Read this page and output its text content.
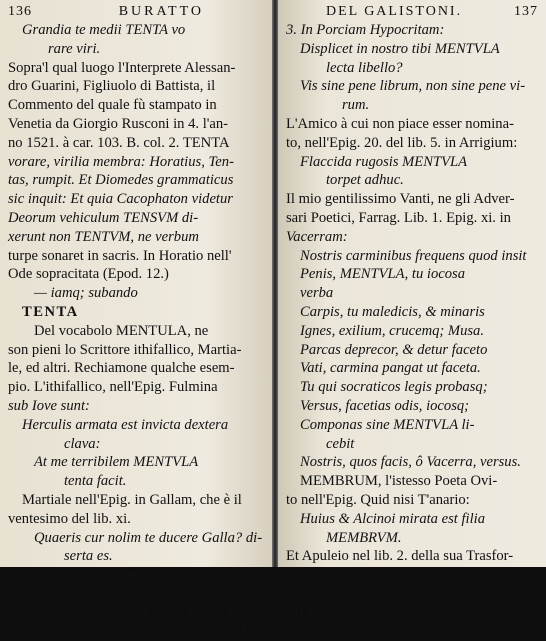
136	BURATTO
Grandia te medii TENTA vo
rare viri.
Sopra'l qual luogo l'Interprete Alessan-
dro Guarini, Figliuolo di Battista, il
Commento del quale fù stampato in
Venetia da Giorgio Rusconi in 4. l'an-
no 1521. à car. 103. B. col. 2. TENTA
vorare, virilia membra: Horatius, Ten-
tas, rumpit. Et Diomedes grammaticus
sic inquit: Et quia Cacophaton videtur
Deorum vehiculum TENSVM di-
xerunt non TENTVM, ne verbum
turpe sonaret in sacris. In Horatio nell'
Ode sopracitata (Epod. 12.)
— iamq; subando
TENTA
Del vocabolo MENTULA, ne
son pieni lo Scrittore ithifallico, Martia-
le, ed altri. Rechiamone qualche esem-
pio. L'ithifallico, nell'Epig. Fulmina
sub Iove sunt:
Herculis armata est invicta dextera
clava:
At me terribilem MENTVLA
tenta facit.
Martiale nell'Epig. in Gallam, che è il
ventesimo del lib. xi.
Quaeris cur nolim te ducere Galla? di-
serta es.
Saepe soloecismum MENTVLA no-
stra facit.
Giovanni Owen nell'Epig. 130. del lib.
3. In
DEL GALISTONI.	137
3. In Porciam Hypocritam:
Displicet in nostro tibi MENTVLA
lecta libello?
Vis sine pene librum, non sine pene vi-
rum.
L'Amico à cui non piace esser nomina-
to, nell'Epig. 20. del lib. 5. in Arrigium:
Flaccida rugosis MENTVLA
torpet adhuc.
Il mio gentilissimo Vanti, ne gli Adver-
sari Poetici, Farrag. Lib. 1. Epig. xi. in
Vacerram:
Nostris carminibus frequens quod insit
Penis, MENTVLA, tu iocosa
verba
Carpis, tu maledicis, & minaris
Ignes, exilium, crucemq; Musa.
Parcas deprecor, & detur faceto
Vati, carmina pangat ut faceta.
Tu qui socraticos legis probasq;
Versus, facetias odis, iocosq;
Componas sine MENTVLA li-
cebit
Nostris, quos facis, ô Vacerra, versus.
MEMBRUM, l'istesso Poeta Ovi-
to nell'Epig. Quid nisi T'anario:
Huius & Alcinoi mirata est filia
MEMBRVM.
Et Apuleio nel lib. 2. della sua Trasfor-
mazione: Isto aspectu defixus obstupui,
& mirabundus steti; Steterunt &
MEMBRA, qua iacebant ante,
il qual
